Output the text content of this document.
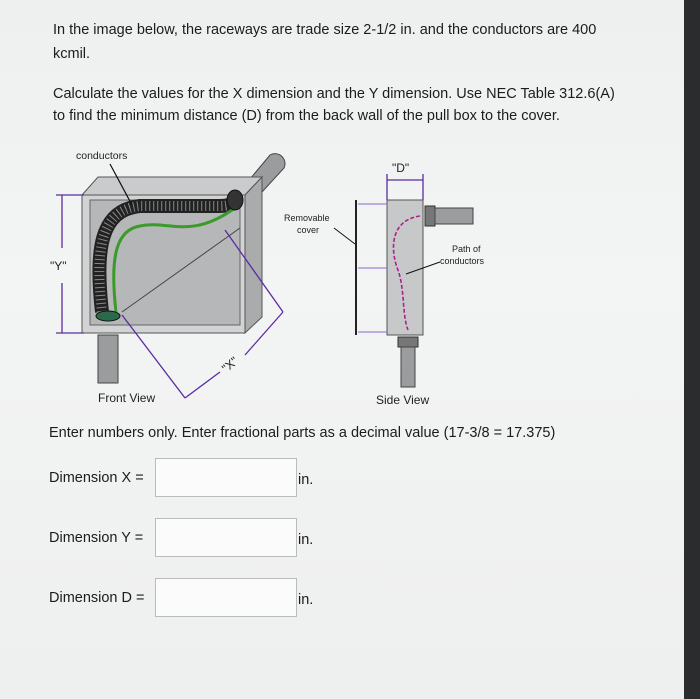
In the image below, the raceways are trade size 2-1/2 in. and the conductors are 400
kcmil.
Calculate the values for the X dimension and the Y dimension. Use NEC Table 312.6(A)
to find the minimum distance (D) from the back wall of the pull box to the cover.
conductors
"Y"
"X"
Front View
"D"
Removable
cover
Path of
conductors
Side View
Enter numbers only. Enter fractional parts as a decimal value (17-3/8 = 17.375)
Dimension X =	in.
Dimension Y =	in.
Dimension D =	in.
